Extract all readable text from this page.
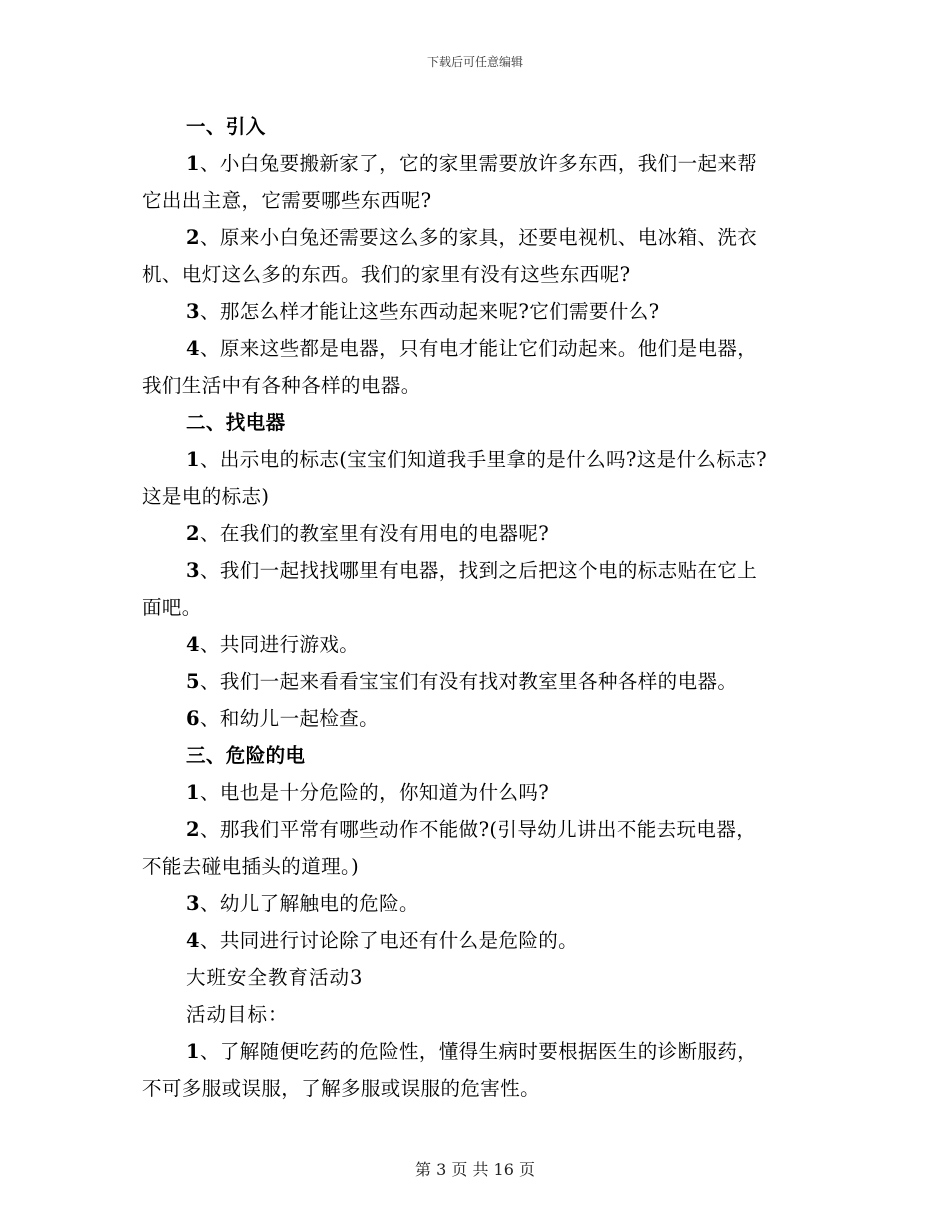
下载后可任意编辑
一、引入
1、小白兔要搬新家了，它的家里需要放许多东西，我们一起来帮
它出出主意，它需要哪些东西呢?
2、原来小白兔还需要这么多的家具，还要电视机、电冰箱、洗衣
机、电灯这么多的东西。我们的家里有没有这些东西呢?
3、那怎么样才能让这些东西动起来呢?它们需要什么?
4、原来这些都是电器，只有电才能让它们动起来。他们是电器，
我们生活中有各种各样的电器。
二、找电器
1、出示电的标志(宝宝们知道我手里拿的是什么吗?这是什么标志?
这是电的标志)
2、在我们的教室里有没有用电的电器呢?
3、我们一起找找哪里有电器，找到之后把这个电的标志贴在它上
面吧。
4、共同进行游戏。
5、我们一起来看看宝宝们有没有找对教室里各种各样的电器。
6、和幼儿一起检查。
三、危险的电
1、电也是十分危险的，你知道为什么吗?
2、那我们平常有哪些动作不能做?(引导幼儿讲出不能去玩电器，
不能去碰电插头的道理。)
3、幼儿了解触电的危险。
4、共同进行讨论除了电还有什么是危险的。
大班安全教育活动3
活动目标：
1、了解随便吃药的危险性，懂得生病时要根据医生的诊断服药，
不可多服或误服，了解多服或误服的危害性。
第 3 页 共 16 页
